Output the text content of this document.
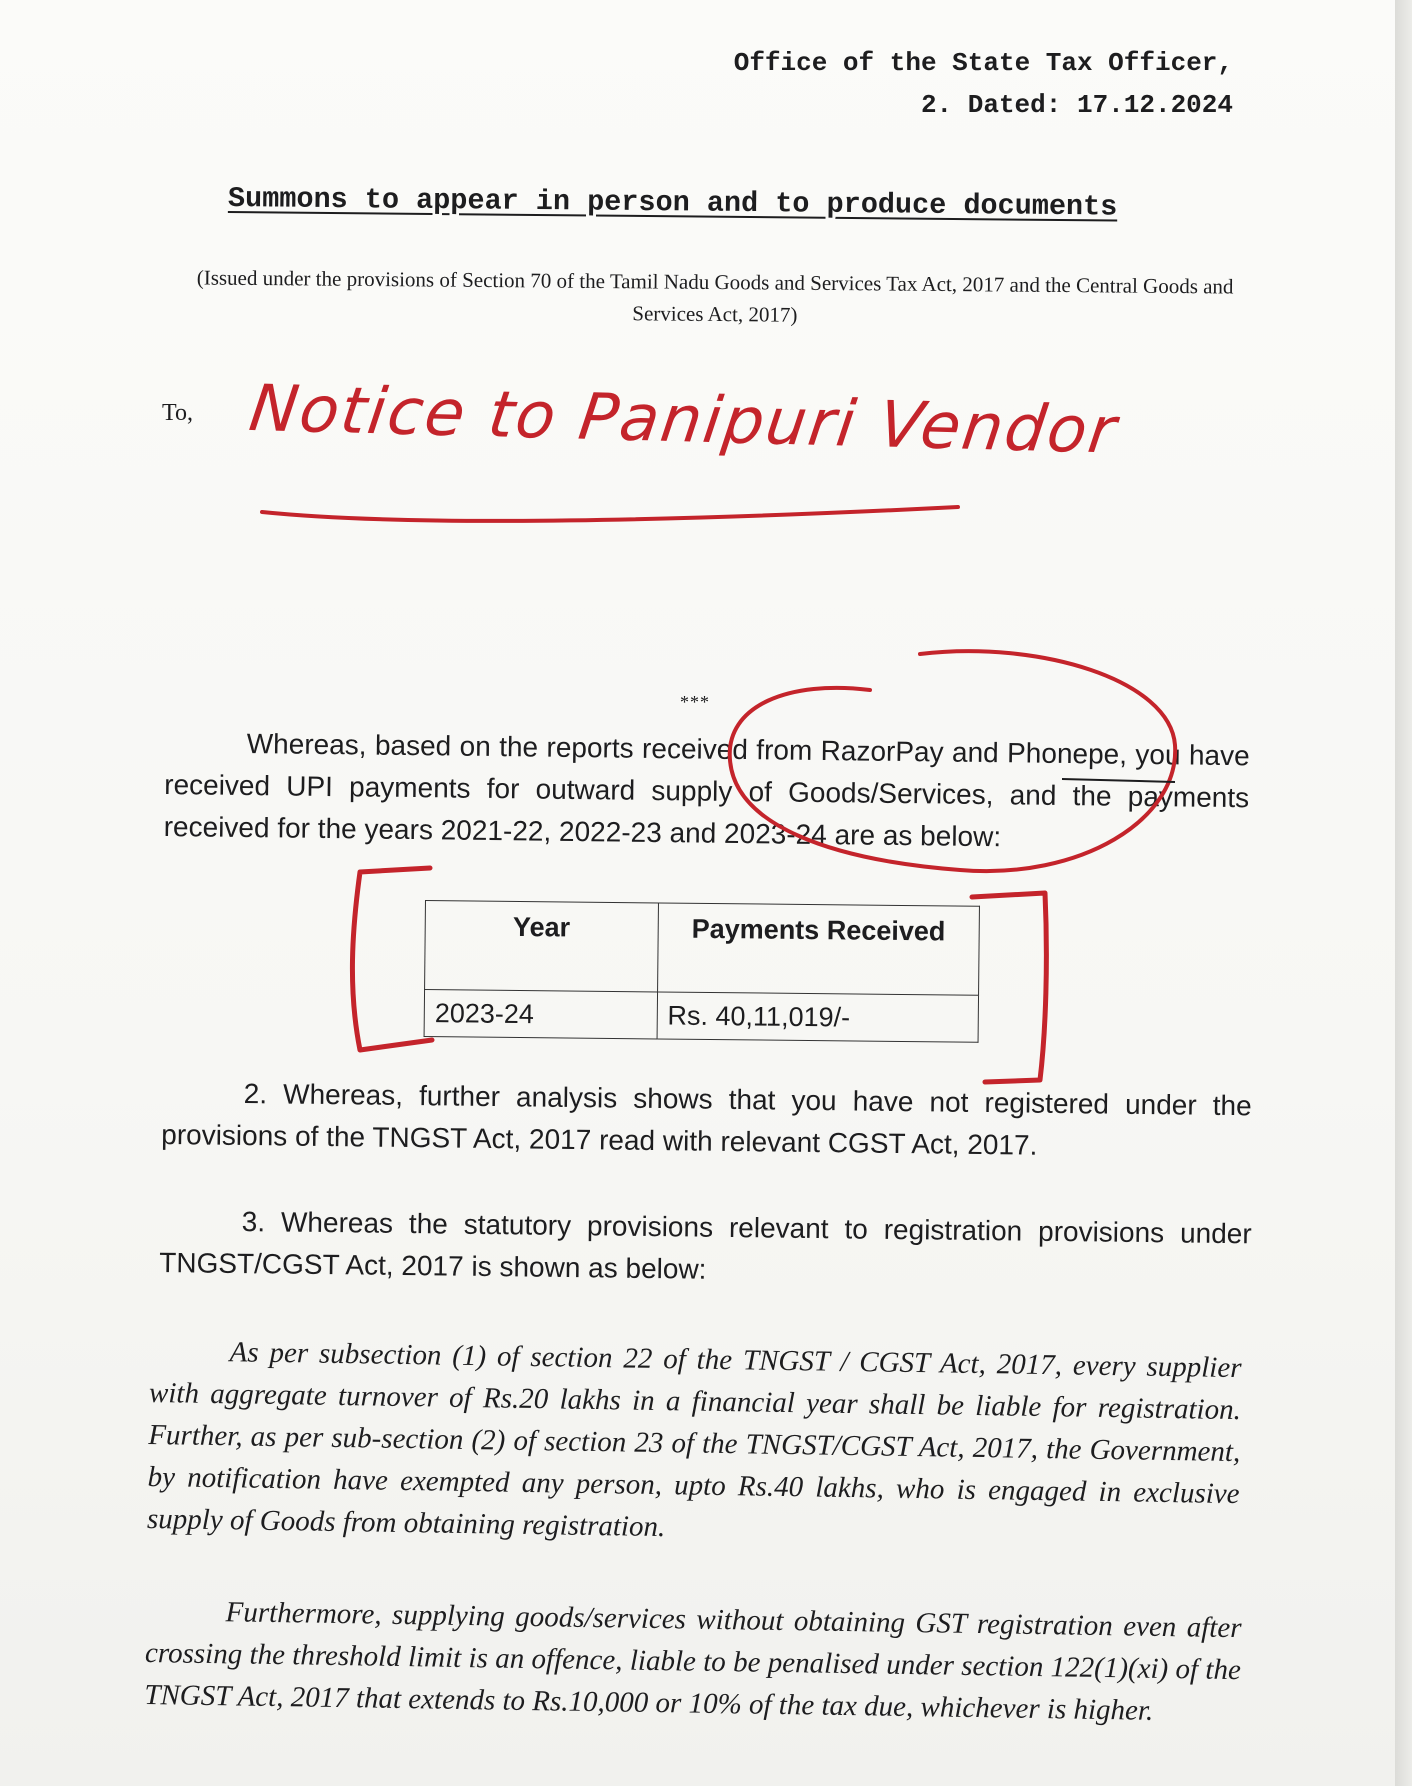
Office of the State Tax Officer,
2. Dated: 17.12.2024
Summons to appear in person and to produce documents
(Issued under the provisions of Section 70 of the Tamil Nadu Goods and Services Tax Act, 2017 and the Central Goods and Services Act, 2017)
To, Notice to Panipuri Vendor
***
Whereas, based on the reports received from RazorPay and Phonepe, you have received UPI payments for outward supply of Goods/Services, and the payments received for the years 2021-22, 2022-23 and 2023-24 are as below:
Year	Payments Received
2023-24	Rs. 40,11,019/-
2. Whereas, further analysis shows that you have not registered under the provisions of the TNGST Act, 2017 read with relevant CGST Act, 2017.
3. Whereas the statutory provisions relevant to registration provisions under TNGST/CGST Act, 2017 is shown as below:
As per subsection (1) of section 22 of the TNGST / CGST Act, 2017, every supplier with aggregate turnover of Rs.20 lakhs in a financial year shall be liable for registration. Further, as per sub-section (2) of section 23 of the TNGST/CGST Act, 2017, the Government, by notification have exempted any person, upto Rs.40 lakhs, who is engaged in exclusive supply of Goods from obtaining registration.
Furthermore, supplying goods/services without obtaining GST registration even after crossing the threshold limit is an offence, liable to be penalised under section 122(1)(xi) of the TNGST Act, 2017 that extends to Rs.10,000 or 10% of the tax due, whichever is higher.
